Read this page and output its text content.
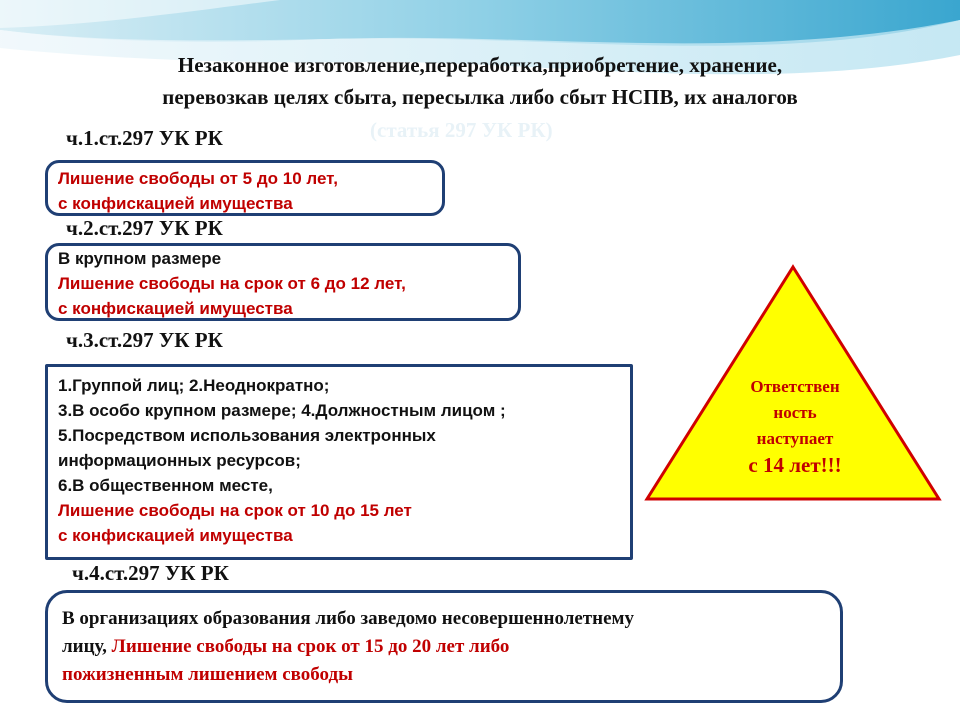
Незаконное изготовление,переработка,приобретение, хранение,
перевозкав целях сбыта, пересылка либо сбыт НСПВ, их аналогов
(статья 297 УК РК)
ч.1.ст.297 УК РК
Лишение свободы от 5 до 10 лет,
с конфискацией имущества
ч.2.ст.297 УК РК
В крупном размере
Лишение свободы на срок от 6 до 12 лет,
с конфискацией имущества
ч.3.ст.297 УК РК
1.Группой лиц; 2.Неоднократно;
3.В особо крупном размере; 4.Должностным лицом ;
5.Посредством использования электронных
информационных ресурсов;
6.В общественном месте,
Лишение свободы на срок от 10 до 15 лет
с конфискацией имущества
ч.4.ст.297 УК РК
В организациях образования либо заведомо несовершеннолетнему
лицу, Лишение свободы на срок от 15 до 20 лет либо
пожизненным лишением свободы
Ответствен
ность
наступает
с 14 лет!!!
